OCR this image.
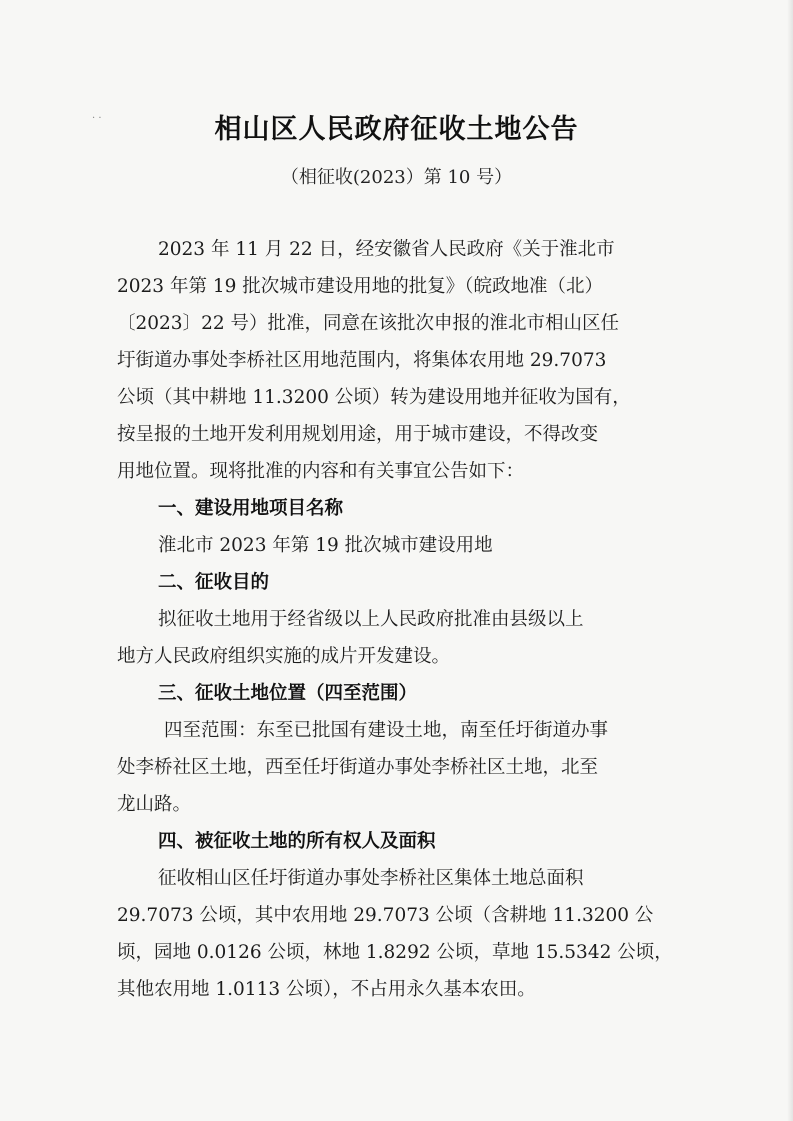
· ·	相山区人民政府征收土地公告
（相征收(2023）第 10 号）
2023 年 11 月 22 日，经安徽省人民政府《关于淮北市
2023 年第 19 批次城市建设用地的批复》（皖政地准（北）
〔2023〕22 号）批准，同意在该批次申报的淮北市相山区任
圩街道办事处李桥社区用地范围内，将集体农用地 29.7073
公顷（其中耕地 11.3200 公顷）转为建设用地并征收为国有，
按呈报的土地开发利用规划用途，用于城市建设，不得改变
用地位置。现将批准的内容和有关事宜公告如下：
一、建设用地项目名称
淮北市 2023 年第 19 批次城市建设用地
二、征收目的
拟征收土地用于经省级以上人民政府批准由县级以上
地方人民政府组织实施的成片开发建设。
三、征收土地位置（四至范围）
四至范围：东至已批国有建设土地，南至任圩街道办事
处李桥社区土地，西至任圩街道办事处李桥社区土地，北至
龙山路。
四、被征收土地的所有权人及面积
征收相山区任圩街道办事处李桥社区集体土地总面积
29.7073 公顷，其中农用地 29.7073 公顷（含耕地 11.3200 公
顷，园地 0.0126 公顷，林地 1.8292 公顷，草地 15.5342 公顷，
其他农用地 1.0113 公顷），不占用永久基本农田。
